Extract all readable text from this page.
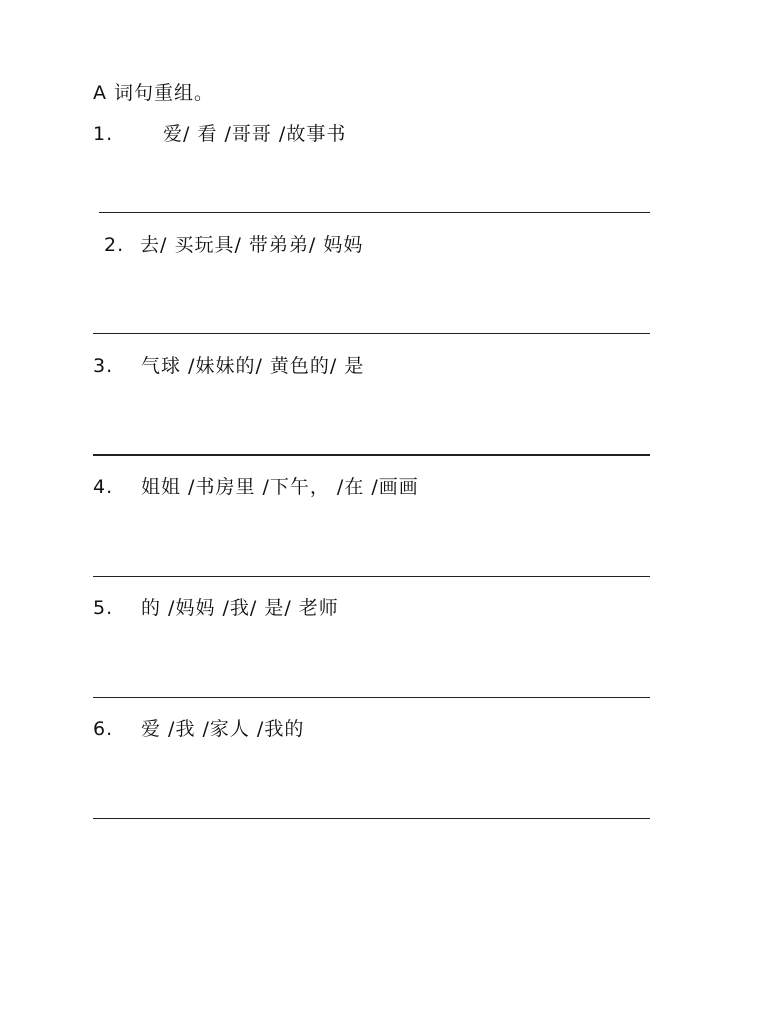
A 词句重组。
1.	爱/ 看 /哥哥 /故事书
2. 去/ 买玩具/ 带弟弟/ 妈妈
3. 气球 /妹妹的/ 黄色的/ 是
4. 姐姐 /书房里 /下午， /在 /画画
5. 的 /妈妈 /我/ 是/ 老师
6. 爱 /我 /家人 /我的
